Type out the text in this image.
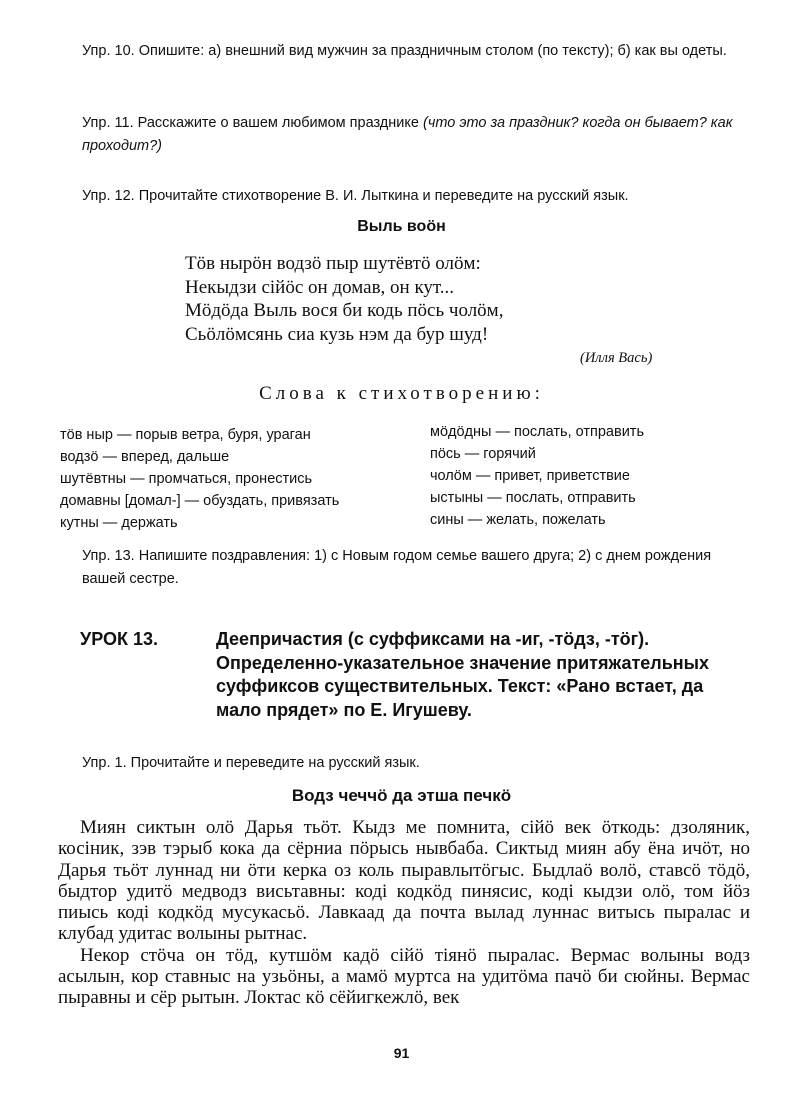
Упр. 10. Опишите: а) внешний вид мужчин за праздничным столом (по тексту); б) как вы одеты.
Упр. 11. Расскажите о вашем любимом празднике (что это за праздник? когда он бывает? как проходит?)
Упр. 12. Прочитайте стихотворение В. И. Лыткина и переведите на русский язык.
Выль воӧн
Тӧв нырӧн водзӧ пыр шутёвтӧ олӧм:
Некыдзи сійӧс он домав, он кут...
Мӧдӧда Выль вося би кодь пӧсь чолӧм,
Сьӧлӧмсянь сиа кузь нэм да бур шуд!
(Илля Вась)
Слова к стихотворению:
тӧв ныр — порыв ветра, буря, ураган
водзӧ — вперед, дальше
шутёвтны — промчаться, пронестись
домавны [домал-] — обуздать, привязать
кутны — держать
мӧдӧдны — послать, отправить
пӧсь — горячий
чолӧм — привет, приветствие
ыстыны — послать, отправить
сины — желать, пожелать
Упр. 13. Напишите поздравления: 1) с Новым годом семье вашего друга; 2) с днем рождения вашей сестре.
УРОК 13.	Деепричастия (с суффиксами на -иг, -тӧдз, -тӧг). Определенно-указательное значение притяжательных суффиксов существительных. Текст: «Рано встает, да мало прядет» по Е. Игушеву.
Упр. 1. Прочитайте и переведите на русский язык.
Водз чеччӧ да этша печкӧ

Миян сиктын олӧ Дарья тьӧт. Кыдз ме помнита, сійӧ век ӧткодь: дзоляник, косіник, зэв тэрыб кока да сёрниа пӧрысь нывбаба. Сиктыд миян абу ёна ичӧт, но Дарья тьӧт луннад ни ӧти керка оз коль пыравлытӧгыс. Быдлаӧ волӧ, ставсӧ тӧдӧ, быдтор удитӧ медводз висьтавны: коді кодкӧд пинясис, коді кыдзи олӧ, том йӧз пиысь коді кодкӧд мусукасьӧ. Лавкаад да почта вылад луннас витысь пыралас и клубад удитас волыны рытнас.

Некор стӧча он тӧд, кутшӧм кадӧ сійӧ тіянӧ пыралас. Вермас волыны водз асылын, кор ставныс на узьӧны, а мамӧ муртса на удитӧма пачӧ би сюйны. Вермас пыравны и сёр рытын. Локтас кӧ сёйигкежлӧ, век

91
